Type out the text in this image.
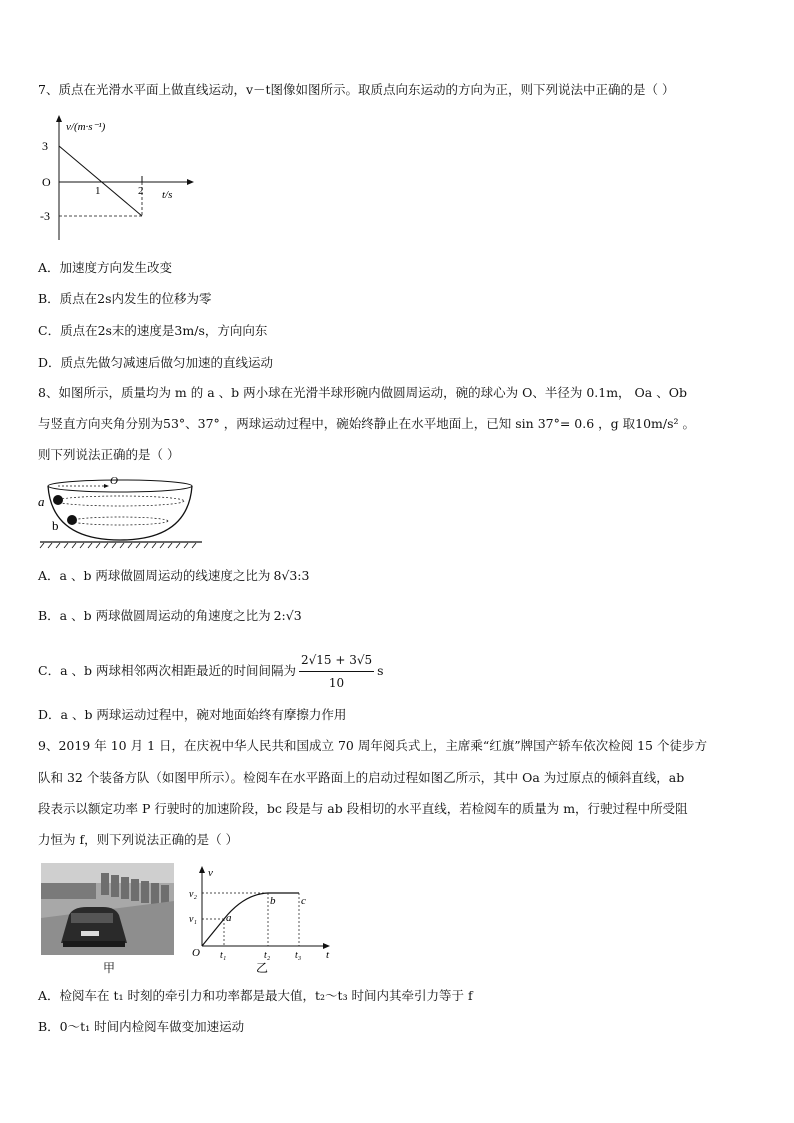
7、质点在光滑水平面上做直线运动，v－t图像如图所示。取质点向东运动的方向为正，则下列说法中正确的是（ ）
v/(m·s⁻¹)
3
O
-3
1	2 t/s
A．加速度方向发生改变
B．质点在2s内发生的位移为零
C．质点在2s末的速度是3m/s，方向向东
D．质点先做匀减速后做匀加速的直线运动
8、如图所示，质量均为 m 的 a 、b 两小球在光滑半球形碗内做圆周运动，碗的球心为 O、半径为 0.1m， Oa 、Ob
与竖直方向夹角分别为53°、37° ，两球运动过程中，碗始终静止在水平地面上，已知 sin 37°= 0.6 ，g 取10m/s² 。
则下列说法正确的是（ ）
O
a
b
A．a 、b 两球做圆周运动的线速度之比为 8√3:3
B．a 、b 两球做圆周运动的角速度之比为 2:√3
C．a 、b 两球相邻两次相距最近的时间间隔为 $\frac{2√15 + 3√5}{10}$ s
D．a 、b 两球运动过程中，碗对地面始终有摩擦力作用
9、2019 年 10 月 1 日，在庆祝中华人民共和国成立 70 周年阅兵式上，主席乘“红旗”牌国产轿车依次检阅 15 个徒步方
队和 32 个装备方队（如图甲所示）。检阅车在水平路面上的启动过程如图乙所示，其中 Oa 为过原点的倾斜直线，ab
段表示以额定功率 P 行驶时的加速阶段，bc 段是与 ab 段相切的水平直线，若检阅车的质量为 m，行驶过程中所受阻
力恒为 f，则下列说法正确的是（ ）
甲
v
v₂
v₁
O
a
b c
t₁	t₂ t₃ t
乙
A．检阅车在 t₁ 时刻的牵引力和功率都是最大值，t₂～t₃ 时间内其牵引力等于 f
B．0～t₁ 时间内检阅车做变加速运动
